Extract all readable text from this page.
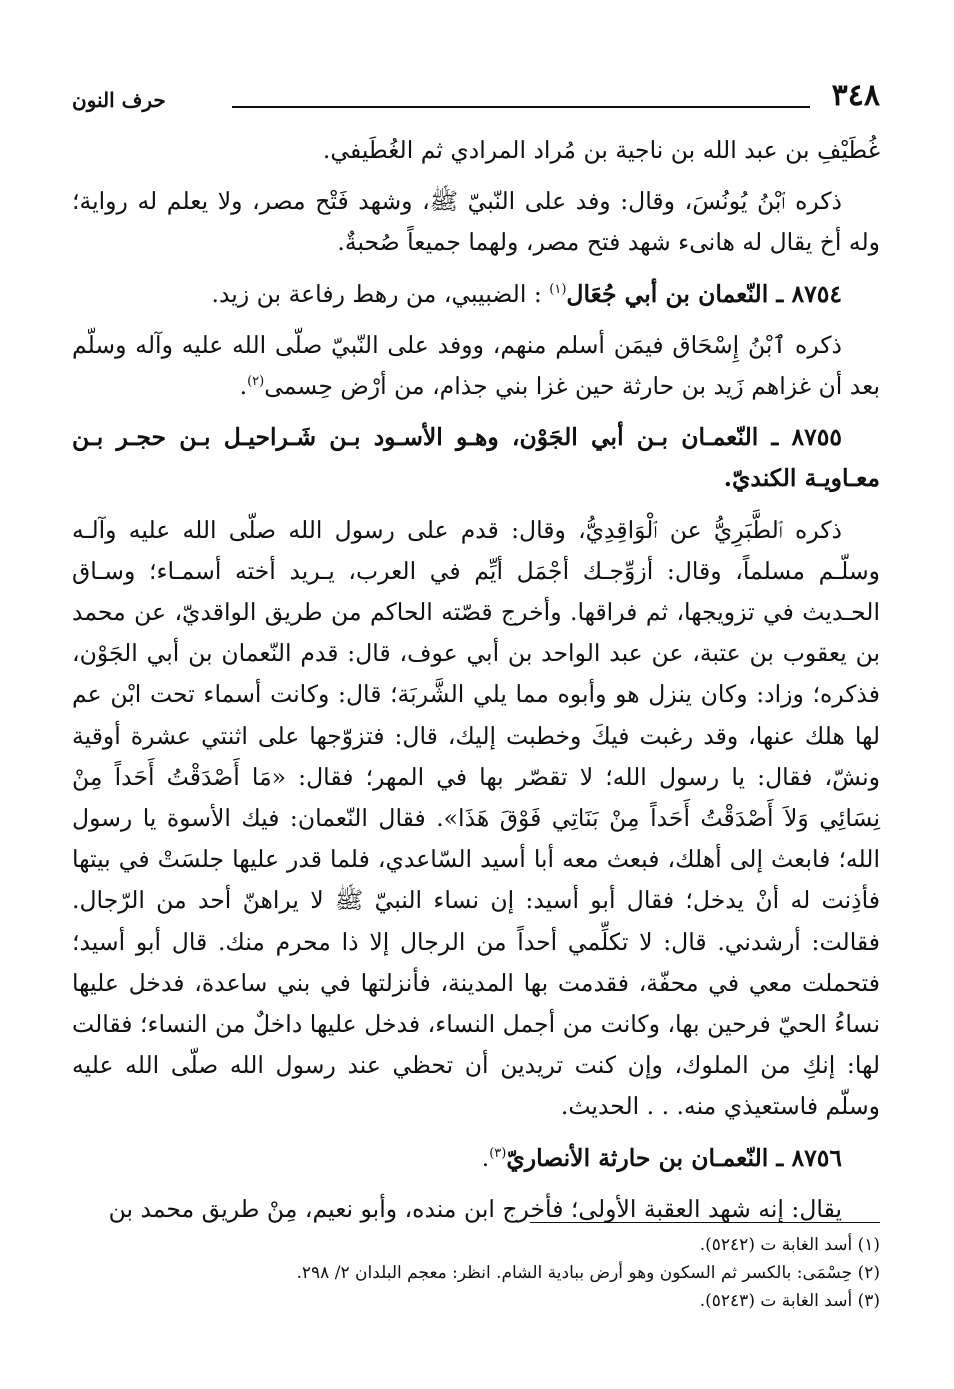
حرف النون	٣٤٨

غُطَيْفِ بن عبد الله بن ناجية بن مُراد المرادي ثم الغُطَيفي.

ذكره ٱبْنُ يُونُسَ، وقال: وفد على النّبيّ ﷺ، وشهد فَتْح مصر، ولا يعلم له رواية؛ وله أخ يقال له هانىء شهد فتح مصر، ولهما جميعاً صُحبةٌ.

٨٧٥٤ ـ النّعمان بن أبي جُعَال$^{(١)}$ : الضبيبي، من رهط رفاعة بن زيد.

ذكره ٱبْنُ إِسْحَاق فيمَن أسلم منهم، ووفد على النّبيّ صلّى الله عليه وآله وسلّم بعد أن غزاهم زَيد بن حارثة حين غزا بني جذام، من أرْض حِسمى$^{(٢)}$.

٨٧٥٥ ـ النّعمـان بـن أبي الجَوْن، وهـو الأسـود بـن شَـراحيـل بـن حجـر بـن معـاويـة الكنديّ.

ذكره ٱلطَّبَرِيُّ عن ٱلْوَاقِدِيُّ، وقال: قدم على رسول الله صلّى الله عليه وآلـه وسلّـم مسلماً، وقال: أزوِّجـك أجْمَل أيِّم في العرب، يـريد أخته أسمـاء؛ وسـاق الحـديث في تزويجها، ثم فراقها. وأخرج قصّته الحاكم من طريق الواقديّ، عن محمد بن يعقوب بن عتبة، عن عبد الواحد بن أبي عوف، قال: قدم النّعمان بن أبي الجَوْن، فذكره؛ وزاد: وكان ينزل هو وأبوه مما يلي الشَّربَة؛ قال: وكانت أسماء تحت ابْن عم لها هلك عنها، وقد رغبت فيكَ وخطبت إليك، قال: فتزوّجها على اثنتي عشرة أوقية ونشّ، فقال: يا رسول الله؛ لا تقصّر بها في المهر؛ فقال: «مَا أَصْدَقْتُ أَحَداً مِنْ نِسَائِي وَلاَ أَصْدَقْتُ أَحَداً مِنْ بَنَاتِي فَوْقَ هَذَا». فقال النّعمان: فيك الأسوة يا رسول الله؛ فابعث إلى أهلك، فبعث معه أبا أسيد السّاعدي، فلما قدر عليها جلسَتْ في بيتها فأذِنت له أنْ يدخل؛ فقال أبو أسيد: إن نساء النبيّ ﷺ لا يراهنّ أحد من الرّجال. فقالت: أرشدني. قال: لا تكلِّمي أحداً من الرجال إلا ذا محرم منك. قال أبو أسيد؛ فتحملت معي في محفّة، فقدمت بها المدينة، فأنزلتها في بني ساعدة، فدخل عليها نساءُ الحيّ فرحين بها، وكانت من أجمل النساء، فدخل عليها داخلٌ من النساء؛ فقالت لها: إنكِ من الملوك، وإن كنت تريدين أن تحظي عند رسول الله صلّى الله عليه وسلّم فاستعيذي منه. . . الحديث.

٨٧٥٦ ـ النّعمـان بن حارثة الأنصاريّ$^{(٣)}$.

يقال: إنه شهد العقبة الأولى؛ فأخرج ابن منده، وأبو نعيم، مِنْ طريق محمد بن

(١) أسد الغابة ت (٥٢٤٢).
(٢) حِسْمَى: بالكسر ثم السكون وهو أرض ببادية الشام. انظر: معجم البلدان ٢/ ٢٩٨.
(٣) أسد الغابة ت (٥٢٤٣).
